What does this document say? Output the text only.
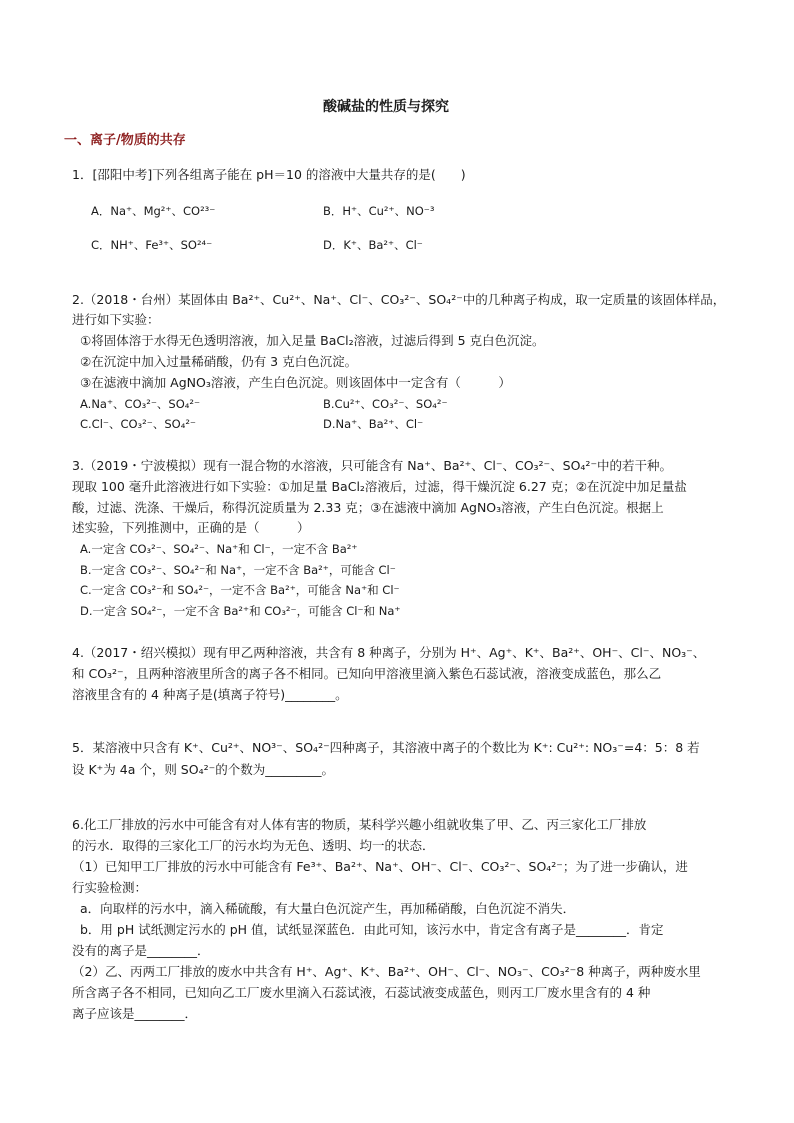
酸碱盐的性质与探究
一、离子/物质的共存
1．[邵阳中考]下列各组离子能在 pH＝10 的溶液中大量共存的是(　　)
A．Na⁺、Mg²⁺、CO²³⁻	B．H⁺、Cu²⁺、NO⁻³
C．NH⁺、Fe³⁺、SO²⁴⁻	D．K⁺、Ba²⁺、Cl⁻
2.（2018・台州）某固体由 Ba²⁺、Cu²⁺、Na⁺、Cl⁻、CO₃²⁻、SO₄²⁻中的几种离子构成，取一定质量的该固体样品，
进行如下实验：
①将固体溶于水得无色透明溶液，加入足量 BaCl₂溶液，过滤后得到 5 克白色沉淀。
②在沉淀中加入过量稀硝酸，仍有 3 克白色沉淀。
③在滤液中滴加 AgNO₃溶液，产生白色沉淀。则该固体中一定含有（　　　）
A.Na⁺、CO₃²⁻、SO₄²⁻	B.Cu²⁺、CO₃²⁻、SO₄²⁻
C.Cl⁻、CO₃²⁻、SO₄²⁻	D.Na⁺、Ba²⁺、Cl⁻
3.（2019・宁波模拟）现有一混合物的水溶液，只可能含有 Na⁺、Ba²⁺、Cl⁻、CO₃²⁻、SO₄²⁻中的若干种。
现取 100 毫升此溶液进行如下实验：①加足量 BaCl₂溶液后，过滤，得干燥沉淀 6.27 克；②在沉淀中加足量盐
酸，过滤、洗涤、干燥后，称得沉淀质量为 2.33 克；③在滤液中滴加 AgNO₃溶液，产生白色沉淀。根据上
述实验，下列推测中，正确的是（　　　）
A.一定含 CO₃²⁻、SO₄²⁻、Na⁺和 Cl⁻，一定不含 Ba²⁺
B.一定含 CO₃²⁻、SO₄²⁻和 Na⁺，一定不含 Ba²⁺，可能含 Cl⁻
C.一定含 CO₃²⁻和 SO₄²⁻，一定不含 Ba²⁺，可能含 Na⁺和 Cl⁻
D.一定含 SO₄²⁻，一定不含 Ba²⁺和 CO₃²⁻，可能含 Cl⁻和 Na⁺
4.（2017・绍兴模拟）现有甲乙两种溶液，共含有 8 种离子，分别为 H⁺、Ag⁺、K⁺、Ba²⁺、OH⁻、Cl⁻、NO₃⁻、
和 CO₃²⁻，且两种溶液里所含的离子各不相同。已知向甲溶液里滴入紫色石蕊试液，溶液变成蓝色，那么乙
溶液里含有的 4 种离子是(填离子符号)________。
5．某溶液中只含有 K⁺、Cu²⁺、NO³⁻、SO₄²⁻四种离子，其溶液中离子的个数比为 K⁺: Cu²⁺: NO₃⁻=4：5：8 若
设 K⁺为 4a 个，则 SO₄²⁻的个数为_________。
6.化工厂排放的污水中可能含有对人体有害的物质，某科学兴趣小组就收集了甲、乙、丙三家化工厂排放
的污水．取得的三家化工厂的污水均为无色、透明、均一的状态．
（1）已知甲工厂排放的污水中可能含有 Fe³⁺、Ba²⁺、Na⁺、OH⁻、Cl⁻、CO₃²⁻、SO₄²⁻；为了进一步确认，进
行实验检测：
a．向取样的污水中，滴入稀硫酸，有大量白色沉淀产生，再加稀硝酸，白色沉淀不消失．
b．用 pH 试纸测定污水的 pH 值，试纸显深蓝色．由此可知，该污水中，肯定含有离子是________．肯定
没有的离子是________．
（2）乙、丙两工厂排放的废水中共含有 H⁺、Ag⁺、K⁺、Ba²⁺、OH⁻、Cl⁻、NO₃⁻、CO₃²⁻8 种离子，两种废水里
所含离子各不相同，已知向乙工厂废水里滴入石蕊试液，石蕊试液变成蓝色，则丙工厂废水里含有的 4 种
离子应该是________．
